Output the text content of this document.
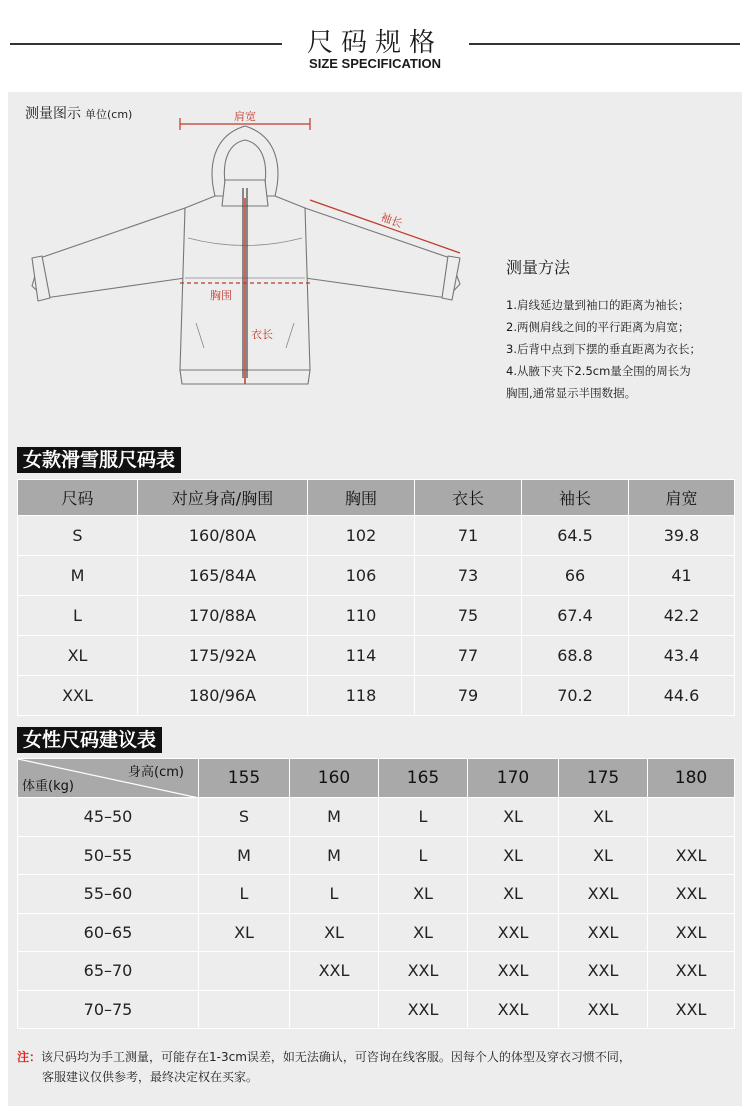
尺码规格
SIZE SPECIFICATION
测量图示 单位(cm)	肩宽
袖长
胸围
衣长
测量方法
1.肩线延边量到袖口的距离为袖长；
2.两侧肩线之间的平行距离为肩宽；
3.后背中点到下摆的垂直距离为衣长；
4.从腋下夹下2.5cm量全围的周长为
胸围,通常显示半围数据。
女款滑雪服尺码表
尺码	对应身高/胸围	胸围	衣长	袖长	肩宽
S	160/80A	102	71	64.5	39.8
M	165/84A	106	73	66	41
L	170/88A	110	75	67.4	42.2
XL	175/92A	114	77	68.8	43.4
XXL	180/96A	118	79	70.2	44.6
女性尺码建议表
身高(cm)
体重(kg)	155	160	165	170	175	180
45–50	S	M	L	XL	XL	
50–55	M	M	L	XL	XL	XXL
55–60	L	L	XL	XL	XXL	XXL
60–65	XL	XL	XL	XXL	XXL	XXL
65–70		XXL	XXL	XXL	XXL	XXL
70–75			XXL	XXL	XXL	XXL
注：该尺码均为手工测量，可能存在1-3cm误差，如无法确认，可咨询在线客服。因每个人的体型及穿衣习惯不同，
客服建议仅供参考，最终决定权在买家。
